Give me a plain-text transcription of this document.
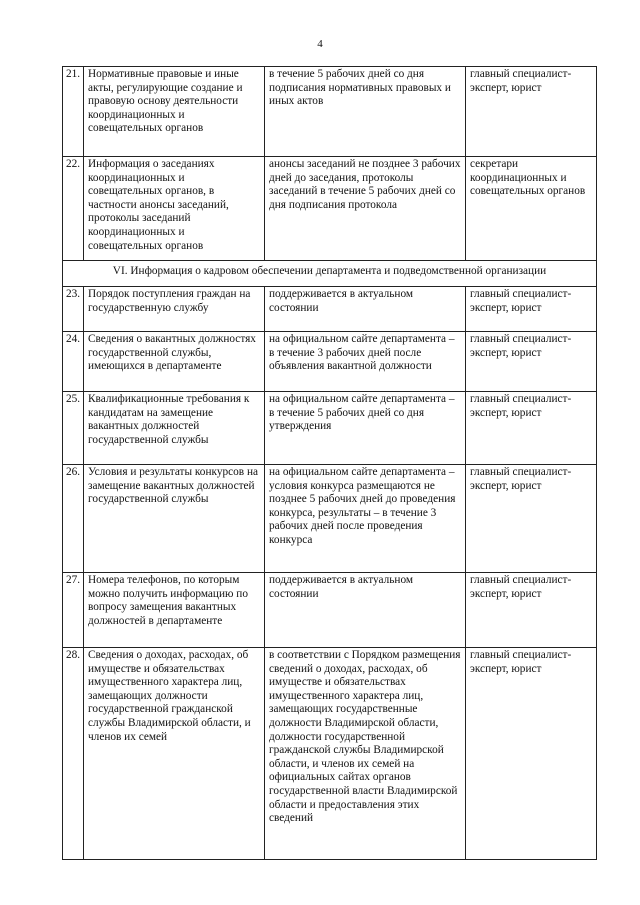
4
21.	Нормативные правовые и иные акты, регулирующие создание и правовую основу деятельности координационных и совещательных органов	в течение 5 рабочих дней со дня подписания нормативных правовых и иных актов	главный специалист-эксперт, юрист
22.	Информация о заседаниях координационных и совещательных органов, в частности анонсы заседаний, протоколы заседаний координационных и совещательных органов	анонсы заседаний не позднее 3 рабочих дней до заседания, протоколы заседаний в течение 5 рабочих дней со дня подписания протокола	секретари координационных и совещательных органов
VI. Информация о кадровом обеспечении департамента и подведомственной организации			
23.	Порядок поступления граждан на государственную службу	поддерживается в актуальном состоянии	главный специалист-эксперт, юрист
24.	Сведения о вакантных должностях государственной службы, имеющихся в департаменте	на официальном сайте департамента – в течение 3 рабочих дней после объявления вакантной должности	главный специалист-эксперт, юрист
25.	Квалификационные требования к кандидатам на замещение вакантных должностей государственной службы	на официальном сайте департамента – в течение 5 рабочих дней со дня утверждения	главный специалист-эксперт, юрист
26.	Условия и результаты конкурсов на замещение вакантных должностей государственной службы	на официальном сайте департамента – условия конкурса размещаются не позднее 5 рабочих дней до проведения конкурса, результаты – в течение 3 рабочих дней после проведения конкурса	главный специалист-эксперт, юрист
27.	Номера телефонов, по которым можно получить информацию по вопросу замещения вакантных должностей в департаменте	поддерживается в актуальном состоянии	главный специалист-эксперт, юрист
28.	Сведения о доходах, расходах, об имуществе и обязательствах имущественного характера лиц, замещающих должности государственной гражданской службы Владимирской области, и членов их семей	в соответствии с Порядком размещения сведений о доходах, расходах, об имуществе и обязательствах имущественного характера лиц, замещающих государственные должности Владимирской области, должности государственной гражданской службы Владимирской области, и членов их семей на официальных сайтах органов государственной власти Владимирской области и предоставления этих сведений	главный специалист-эксперт, юрист
